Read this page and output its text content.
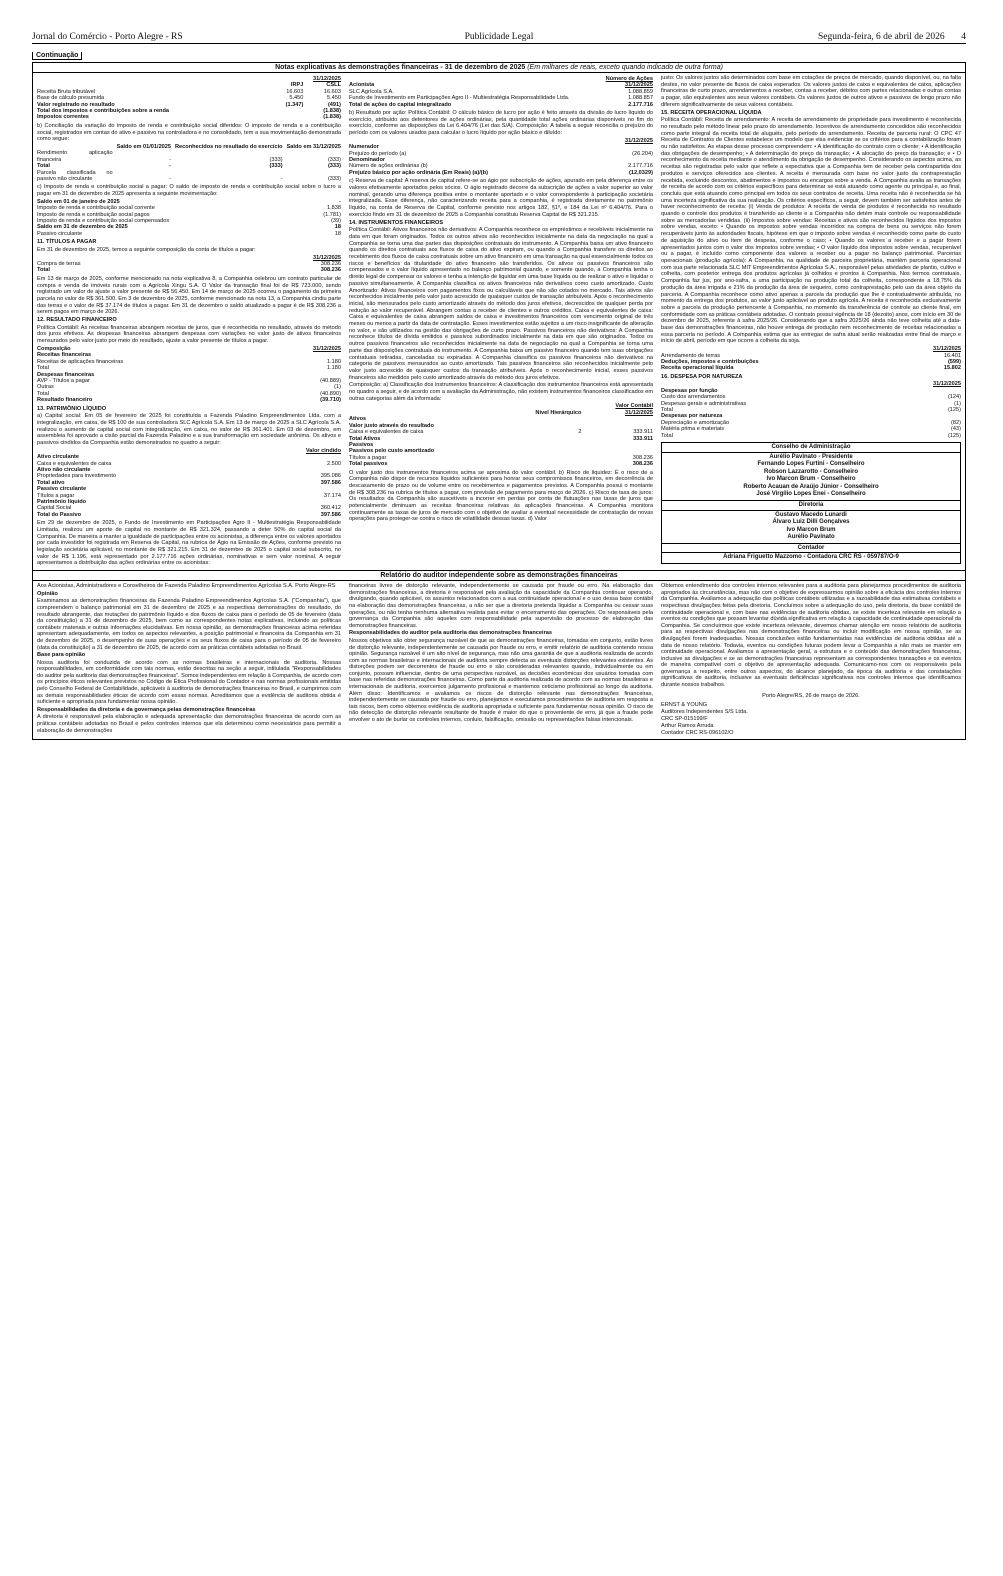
Jornal do Comércio - Porto Alegre - RS	Publicidade Legal	Segunda-feira, 6 de abril de 2026 4
Continuação
Notas explicativas às demonstrações financeiras - 31 de dezembro de 2025 (Em milhares de reais, exceto quando indicado de outra forma)
	31/12/2025	
	IRPJ	CSLL
Receita Bruta tributável	16.603	16.603
Base de cálculo presumida	5.450	5.450
Valor registrado no resultado	(1.347)	(491)
Total dos impostos e contribuições sobre a renda		(1.838)
Impostos correntes		(1.838)

b) Conciliação da variação do imposto de renda e contribuição social diferidos: O imposto de renda e a contribuição social, registrados em contas do ativo e passivo na controladora e no consolidado, tem a sua movimentação demonstrada como segue:

	Saldo em 01/01/2025	Reconhecidos no resultado do exercício	Saldo em 31/12/2025
Rendimento aplicação financeira	-	(333)	(333)
Total	-	(333)	(333)
Parcela classificada no passivo não circulante	-	-	(333)

c) Imposto de renda e contribuição social a pagar: O saldo de imposto de renda e contribuição social sobre o lucro a pagar em 31 de dezembro de 2025 apresenta a seguinte movimentação:

Saldo em 01 de janeiro de 2025	-
Imposto de renda e contribuição social corrente	1.838
Imposto de renda e contribuição social pagos	(1.781)
Imposto de renda e contribuição social compensados	(39)
Saldo em 31 de dezembro de 2025	18
Passivo circulante	18

11. TÍTULOS A PAGAR

Em 31 de dezembro de 2025, temos a seguinte composição da conta de títulos a pagar:

	31/12/2025
Compra de terras	308.236
Total	308.236

Em 13 de março de 2025, conforme mencionado na nota explicativa 8, a Companhia celebrou um contrato particular de compra e venda de imóveis rurais com a Agrícola Xingu S.A. O Valor da transação final foi de R$ 723.000, sendo registrado um valor de ajuste a valor presente de R$ 56.450. Em 14 de março de 2025 ocorreu o pagamento da primeira parcela no valor de R$ 361.500. Em 3 de dezembro de 2025, conforme mencionado na nota 13, a Companhia cindiu parte das terras e o valor de R$ 37.174 de títulos a pagar. Em 31 de dezembro o saldo atualizado a pagar é de R$ 308.236 a serem pagos em março de 2026.

12. RESULTADO FINANCEIRO

Política Contábil: As receitas financeiras abrangem receitas de juros, que é reconhecida no resultado, através do método dos juros efetivos. As despesas financeiras abrangem despesas com variações no valor justo de ativos financeiros mensurados pelo valor justo por meio do resultado, ajuste a valor presente de títulos a pagar.

Composição	31/12/2025
Receitas financeiras	
Receitas de aplicações financeiras	1.180
Total	1.180
Despesas financeiras	
AVP - Títulos a pagar	(40.889)
Outras	(1)
Total	(40.890)
Resultado financeiro	(39.710)

13. PATRIMÔNIO LÍQUIDO

a) Capital social: Em 05 de fevereiro de 2025 foi constituída a Fazenda Paladino Empreendimentos Ltda. com a integralização, em caixa, de R$ 100 de sua controladora SLC Agrícola S.A. Em 13 de março de 2025 a SLC Agrícola S.A. realizou o aumento de capital social com integralização, em caixa, no valor de R$ 361.401. Em 03 de dezembro, em assembleia foi aprovado a cisão parcial da Fazenda Paladino e a sua transformação em sociedade anônima. Os ativos e passivos cindidos da Companhia estão demonstrados no quadro a seguir:

	Valor cindido
Ativo circulante	
Caixa e equivalentes de caixa	2.500
Ativo não circulante	
Propriedades para investimento	395.086
Total ativo	397.586
Passivo circulante	
Títulos a pagar	37.174
Patrimônio líquido	
Capital Social	360.412
Total do Passivo	397.586

Em 29 de dezembro de 2025, o Fundo de Investimento em Participações Agro II - Multiestratégia Responsabilidade Limitada, realizou um aporte de capital no montante de R$ 321.324, passando a deter 50% do capital social da Companhia. De maneira a manter a igualdade de participações entre os acionistas, a diferença entre os valores aportados por cada investidor foi registrada em Reserva de Capital, na rubrica de Ágio na Emissão de Ações, conforme previsto na legislação societária aplicável, no montante de R$ 321.215. Em 31 de dezembro de 2025 o capital social subscrito, no valor de R$ 1.196, está representado por 2.177.716 ações ordinárias, nominativas e sem valor nominal. A seguir apresentamos a distribuição das ações ordinárias entre os acionistas:

	Número de Ações
Acionista	31/12/2025
SLC Agrícola S.A.	1.088.859
Fundo de Investimento em Participações Agro II - Multiestratégia Responsabilidade Ltda.	1.088.857
Total de ações do capital integralizado	2.177.716

b) Resultado por ação: Política Contábil: O cálculo básico de lucro por ação é feito através da divisão do lucro líquido do exercício, atribuído aos detentores de ações ordinárias, pela quantidade total ações ordinárias disponíveis no fim do exercício, conforme as disposições da Lei 6.404/76 (Lei das S/A). Composição: A tabela a seguir reconcilia o prejuízo do período com os valores usados para calcular o lucro líquido por ação básico e diluído:

	31/12/2025
Numerador	
Prejuízo do período (a)	(26.204)
Denominador	
Número de ações ordinárias (b)	2.177.716
Prejuízo básico por ação ordinária (Em Reais) (a)/(b)	(12,0329)

c) Reserva de capital: A reserva de capital refere-se ao ágio por subscrição de ações, apurado em pela diferença entre os valores efetivamente aportados pelos sócios. O ágio registrado decorre da subscrição de ações a valor superior ao valor nominal, gerando uma diferença positiva entre o montante aportado e o valor correspondente à participação societária integralizada. Esse diferença, não caracterizando receita para a companhia, é registrada diretamente no patrimônio líquido, na conta de Reserva de Capital, conforme previsto nos artigos 182, §1º, e 184 da Lei nº 6.404/76. Para o exercício findo em 31 de dezembro de 2025 a Companhia constituiu Reserva Capital de R$ 321.215.

14. INSTRUMENTOS FINANCEIROS

Política Contábil: Ativos financeiros não derivativos: A Companhia reconhece os empréstimos e recebíveis inicialmente na data em que foram originados. Todos os outros ativos são reconhecidos inicialmente na data da negociação na qual a Companhia se torna uma das partes das disposições contratuais do instrumento. A Companhia baixa um ativo financeiro quando os direitos contratuais aos fluxos de caixa do ativo expiram, ou quando a Companhia transfere os direitos ao recebimento dos fluxos de caixa contratuais sobre um ativo financeiro em uma transação na qual essencialmente todos os riscos e benefícios da titularidade do ativo financeiro são transferidos. Os ativos ou passivos financeiros são compensados e o valor líquido apresentado no balanço patrimonial quando, e somente quando, a Companhia tenha o direito legal de compensar os valores e tenha a intenção de liquidar em uma base líquida ou de realizar o ativo e liquidar o passivo simultaneamente. A Companhia classifica os ativos financeiros não derivativos como custo amortizado. Custo Amortizado: Ativos financeiros com pagamentos fixos ou calculáveis que não são cotados no mercado. Tais ativos são reconhecidos inicialmente pelo valor justo acrescido de quaisquer custos de transação atribuíveis. Após o reconhecimento inicial, são mensurados pelo custo amortizado através do método dos juros efetivos, decrescidos de qualquer perda por redução ao valor recuperável. Abrangem contas a receber de clientes e outros créditos. Caixa e equivalentes de caixa: Caixa e equivalentes de caixa abrangem saldos de caixa e investimentos financeiros com vencimento original de três meses ou menos a partir da data de contratação. Esses investimentos estão sujeitos a um risco insignificante de alteração no valor, e são utilizados na gestão das obrigações de curto prazo. Passivos financeiros não derivativos: A Companhia reconhece títulos de dívida emitidos e passivos subordinados inicialmente na data em que são originados. Todos os outros passivos financeiros são reconhecidos inicialmente na data de negociação na qual a Companhia se torna uma parte das disposições contratuais do instrumento. A Companhia baixa um passivo financeiro quando tem suas obrigações contratuais retiradas, canceladas ou expiradas. A Companhia classifica os passivos financeiros não derivativos na categoria de passivos mensurados ao custo amortizado. Tais passivos financeiros são reconhecidos inicialmente pelo valor justo acrescido de quaisquer custos da transação atribuíveis. Após o reconhecimento inicial, esses passivos financeiros são medidos pelo custo amortizado através do método dos juros efetivos.

Composição: a) Classificação dos instrumentos financeiros: A classificação dos instrumentos financeiros está apresentada no quadro a seguir, e de acordo com a avaliação da Administração, não existem instrumentos financeiros classificados em outras categorias além da informada:

		Valor Contábil
	Nível Hierárquico	31/12/2025
Ativos		
Valor justo através do resultado		
Caixa e equivalentes de caixa	2	333.911
Total Ativos		333.911
Passivos		
Passivos pelo custo amortizado		
Títulos a pagar		308.236
Total passivos		308.236

O valor justo dos instrumentos financeiros acima se aproxima do valor contábil. b) Risco de liquidez: É o risco de a Companhia não dispor de recursos líquidos suficientes para honrar seus compromissos financeiros, em decorrência de descasamento de prazo ou de volume entre os recebimentos e pagamentos previstos. A Companhia possui o montante de R$ 308.236 na rubrica de títulos a pagar, com previsão de pagamento para março de 2026. c) Risco de taxa de juros: Os resultados da Companhia são suscetíveis a incorrer em perdas por conta de flutuações nas taxas de juros que potencialmente diminuam as receitas financeiras relativas às aplicações financeiras. A Companhia monitora continuamente as taxas de juros de mercado com o objetivo de avaliar a eventual necessidade de contratação de novas operações para proteger-se contra o risco de volatilidade dessas taxas. d) Valor

justo: Os valores justos são determinados com base em cotações de preços de mercado, quando disponível, ou, na falta destes, no valor presente de fluxos de caixa esperados. Os valores justos de caixa e equivalentes de caixa, aplicações financeiras de curto prazo, arrendamentos a receber, contas a receber, débitos com partes relacionadas e outras contas a pagar, são equivalentes aos seus valores contábeis. Os valores justos de outros ativos e passivos de longo prazo não diferem significativamente de seus valores contábeis.

15. RECEITA OPERACIONAL LÍQUIDA

Política Contábil: Receita de arrendamento: A receita de arrendamento de propriedade para investimento é reconhecida no resultado pelo método linear pelo prazo do arrendamento. Incentivos de arrendamento concedidos são reconhecidos como parte integral da receita total de aluguéis, pelo período do arrendamento. Receita de parceria rural: O CPC 47 Receita de Contratos de Clientes estabelece um modelo que visa evidenciar se os critérios para a contabilização foram ou não satisfeitos. As etapas desse processo compreendem: • A identificação do contrato com o cliente; • A identificação das obrigações de desempenho; • A determinação do preço da transação; • A alocação do preço da transação; e • O reconhecimento da receita mediante o atendimento da obrigação de desempenho. Considerando os aspectos acima, as receitas são registradas pelo valor que reflete a expectativa que a Companhia tem de receber pela contrapartida dos produtos e serviços oferecidos aos clientes. A receita é mensurada com base no valor justo da contraprestação recebida, excluindo descontos, abatimentos e impostos ou encargos sobre a venda. A Companhia avalia as transações de receita de acordo com os critérios específicos para determinar se está atuando como agente ou principal e, ao final, concluiu que está atuando como principal em todos os seus contratos de receita. Uma receita não é reconhecida se há uma incerteza significativa da sua realização. Os critérios específicos, a seguir, devem também ser satisfeitos antes de haver reconhecimento de receita: (i) Venda de produtos: A receita de venda de produtos é reconhecida no resultado quando o controle dos produtos é transferido ao cliente e a Companhia não detém mais controle ou responsabilidade sobre as mercadorias vendidas. (ii) Impostos sobre vendas: Receitas e ativos são reconhecidos líquidos dos impostos sobre vendas, exceto: • Quando os impostos sobre vendas incorridos na compra de bens ou serviços não forem recuperáveis junto às autoridades fiscais, hipótese em que o imposto sobre vendas é reconhecido como parte do custo de aquisição do ativo ou item de despesa, conforme o caso; • Quando os valores a receber e a pagar forem apresentados juntos com o valor dos impostos sobre vendas; • O valor líquido dos impostos sobre vendas, recuperável ou a pagar, é incluído como componente dos valores a receber ou a pagar no balanço patrimonial. Parcerias operacionais (produção agrícola): A Companhia, na qualidade de parceira proprietária, mantém parceria operacional com sua parte relacionada SLC MIT Empreendimentos Agrícolas S.A., responsável pelas atividades de plantio, cultivo e colheita, com posterior entrega dos produtos agrícolas já colhidos e prontos à Companhia. Nos termos contratuais, Companhia faz jus, por ano-safra, a uma participação na produção total da colheita, correspondente a 18,75% da produção da área irrigada e 21% da produção da área de sequeiro, como contraprestação pelo uso da área objeto da parceria. A Companhia reconhece como ativo apenas a parcela da produção que lhe é contratualmente atribuída, no momento da entrega dos produtos, ao valor justo aplicável ao produto agrícola. A receita é reconhecida exclusivamente sobre a parcela da produção pertencente à Companhia, no momento da transferência de controle ao cliente final, em conformidade com as práticas contábeis adotadas. O contrato possui vigência de 18 (dezoito) anos, com início em 30 de dezembro de 2025, referente à safra 2025/26. Considerando que a safra 2025/26 ainda não teve colheita até a data-base das demonstrações financeiras, não houve entrega de produção nem reconhecimento de receitas relacionadas a essa parceria no período. A Companhia estima que as entregas de safra atual serão realizadas entre final de março e início de abril, período em que ocorre a colheita da soja.

	31/12/2025
Arrendamento de terras	16.401
Deduções, impostos e contribuições	(599)
Receita operacional líquida	15.802

16. DESPESA POR NATUREZA

	31/12/2025
Despesas por função	
Custo dos arrendamentos	(124)
Despesas gerais e administrativas	(1)
Total	(125)
Despesas por natureza	
Depreciação e amortização	(82)
Matéria prima e materiais	(43)
Total	(125)
Conselho de Administração
Aurélio Pavinato - Presidente
Fernando Lopes Furtini - Conselheiro
Robson Lazzarotto - Conselheiro
Ivo Marcon Brum - Conselheiro
Roberto Acauan de Araújo Júnior - Conselheiro
José Virgílio Lopes Enei - Conselheiro
Diretoria
Gustavo Macedo Lunardi
Álvaro Luiz Dilli Gonçalves
Ivo Marcon Brum
Aurélio Pavinato
Contador
Adriana Friguetto Mazzomo - Contadora CRC RS - 059787/O-9
Relatório do auditor independente sobre as demonstrações financeiras

Aos Acionistas, Administradores e Conselheiros de Fazenda Paladino Empreendimentos Agrícolas S.A. Porto Alegre-RS

Opinião

Examinamos as demonstrações financeiras da Fazenda Paladino Empreendimentos Agrícolas S.A. ("Companhia"), que compreendem o balanço patrimonial em 31 de dezembro de 2025 e as respectivas demonstrações do resultado, do resultado abrangente, das mutações do patrimônio líquido e dos fluxos de caixa para o período de 05 de fevereiro (data da constituição) a 31 de dezembro de 2025, bem como as correspondentes notas explicativas, incluindo as políticas contábeis materiais e outras informações elucidativas. Em nossa opinião, as demonstrações financeiras acima referidas apresentam adequadamente, em todos os aspectos relevantes, a posição patrimonial e financeira da Companhia em 31 de dezembro de 2025, o desempenho de suas operações e os seus fluxos de caixa para o período de 05 de fevereiro (data da constituição) a 31 de dezembro de 2025, de acordo com as práticas contábeis adotadas no Brasil.

Base para opinião

Nossa auditoria foi conduzida de acordo com as normas brasileiras e internacionais de auditoria. Nossas responsabilidades, em conformidade com tais normas, estão descritas na seção a seguir, intitulada "Responsabilidades do auditor pela auditoria das demonstrações financeiras". Somos independentes em relação à Companhia, de acordo com os princípios éticos relevantes previstos no Código de Ética Profissional do Contador e nas normas profissionais emitidas pelo Conselho Federal de Contabilidade, aplicáveis à auditoria de demonstrações financeiras no Brasil, e cumprimos com as demais responsabilidades éticas de acordo com essas normas. Acreditamos que a evidência de auditoria obtida é suficiente e apropriada para fundamentar nossa opinião.

Responsabilidades da diretoria e da governança pelas demonstrações financeiras

A diretoria é responsável pela elaboração e adequada apresentação das demonstrações financeiras de acordo com as práticas contábeis adotadas no Brasil e pelos controles internos que ela determinou como necessários para permitir a elaboração de demonstrações

financeiras livres de distorção relevante, independentemente se causada por fraude ou erro. Na elaboração das demonstrações financeiras, a diretoria é responsável pela avaliação da capacidade da Companhia continuar operando, divulgando, quando aplicável, os assuntos relacionados com a sua continuidade operacional e o uso dessa base contábil na elaboração das demonstrações financeiras, a não ser que a diretoria pretenda liquidar a Companhia ou cessar suas operações, ou não tenha nenhuma alternativa realista para evitar o encerramento das operações. Os responsáveis pela governança da Companhia são aqueles com responsabilidade pela supervisão do processo de elaboração das demonstrações financeiras.

Responsabilidades do auditor pela auditoria das demonstrações financeiras

Nossos objetivos são obter segurança razoável de que as demonstrações financeiras, tomadas em conjunto, estão livres de distorção relevante, independentemente se causada por fraude ou erro, e emitir relatório de auditoria contendo nossa opinião. Segurança razoável é um alto nível de segurança, mas não uma garantia de que a auditoria realizada de acordo com as normas brasileiras e internacionais de auditoria sempre detecta as eventuais distorções relevantes existentes. As distorções podem ser decorrentes de fraude ou erro e são consideradas relevantes quando, individualmente ou em conjunto, possam influenciar, dentro de uma perspectiva razoável, as decisões econômicas dos usuários tomadas com base nas referidas demonstrações financeiras. Como parte da auditoria realizada de acordo com as normas brasileiras e internacionais de auditoria, exercemos julgamento profissional e mantemos ceticismo profissional ao longo da auditoria. Além disso: Identificamos e avaliamos os riscos de distorção relevante nas demonstrações financeiras, independentemente se causada por fraude ou erro, planejamos e executamos procedimentos de auditoria em resposta a tais riscos, bem como obtemos evidência de auditoria apropriada e suficiente para fundamentar nossa opinião. O risco de não detecção de distorção relevante resultante de fraude é maior do que o proveniente de erro, já que a fraude pode envolver o ato de burlar os controles internos, conluio, falsificação, omissão ou representações falsas intencionais.

Obtemos entendimento dos controles internos relevantes para a auditoria para planejarmos procedimentos de auditoria apropriados às circunstâncias, mas não com o objetivo de expressarmos opinião sobre a eficácia dos controles internos da Companhia. Avaliamos a adequação das políticas contábeis utilizadas e a razoabilidade das estimativas contábeis e respectivas divulgações feitas pela diretoria. Concluímos sobre a adequação do uso, pela diretoria, da base contábil de continuidade operacional e, com base nas evidências de auditoria obtidas, se existe incerteza relevante em relação a eventos ou condições que possam levantar dúvida significativa em relação à capacidade de continuidade operacional da Companhia. Se concluirmos que existe incerteza relevante, devemos chamar atenção em nosso relatório de auditoria para as respectivas divulgações nas demonstrações financeiras ou incluir modificação em nossa opinião, se as divulgações forem inadequadas. Nossas conclusões estão fundamentadas nas evidências de auditoria obtidas até a data de nosso relatório. Todavia, eventos ou condições futuras podem levar a Companhia a não mais se manter em continuidade operacional. Avaliamos a apresentação geral, a estrutura e o conteúdo das demonstrações financeiras, inclusive as divulgações e se as demonstrações financeiras representam as correspondentes transações e os eventos de maneira compatível com o objetivo de apresentação adequada. Comunicamo-nos com os responsáveis pela governança a respeito, entre outros aspectos, do alcance planejado, da época da auditoria e das constatações significativas de auditoria, inclusive as eventuais deficiências significativas nos controles internos que identificamos durante nossos trabalhos.

Porto Alegre/RS, 26 de março de 2026.
ERNST & YOUNG
Auditores Independentes S/S Ltda.
CRC SP-015199/F
Arthur Ramos Arruda
Contador CRC RS-096102/O
